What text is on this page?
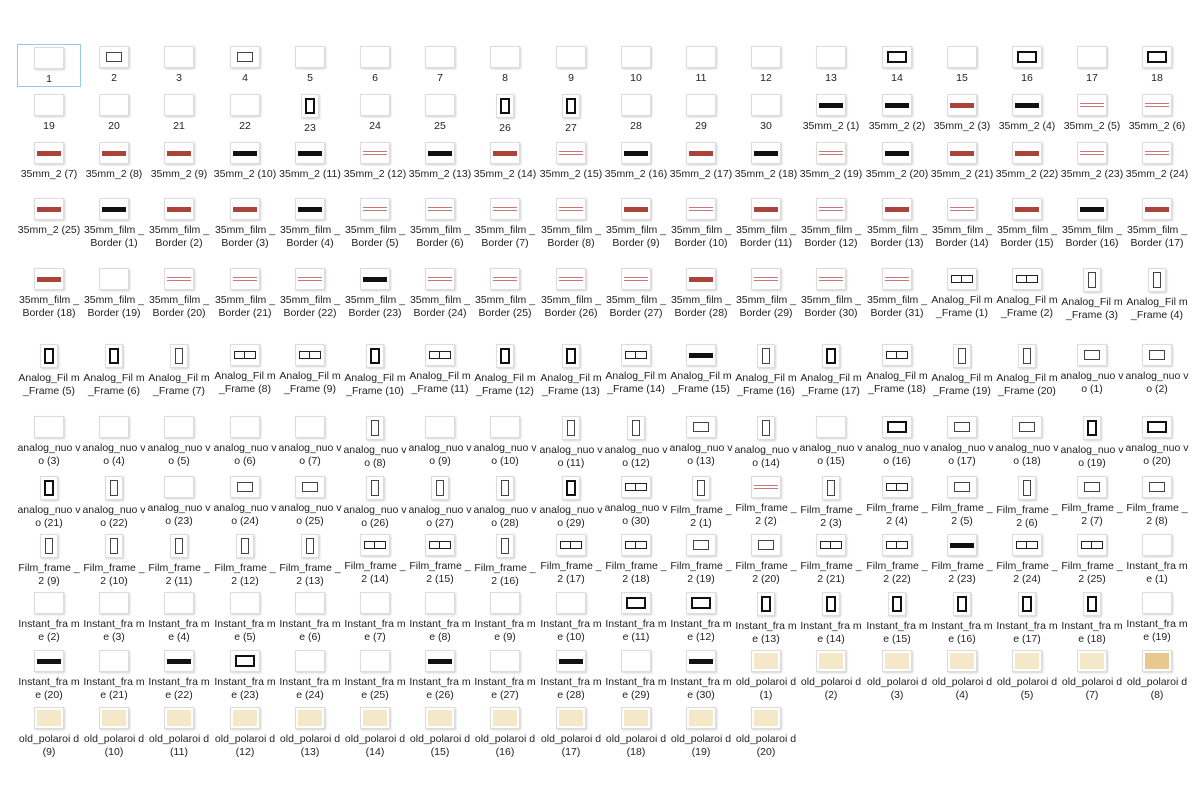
1	2	3	4	5	6	7	8	9	10	11	12	13	14	15	16	17	18
19	20	21	22	23	24	25	26	27	28	29	30	35mm_2 (1) 35mm_2 (2) 35mm_2 (3) 35mm_2 (4) 35mm_2 (5) 35mm_2 (6)
35mm_2 (7) 35mm_2 (8) 35mm_2 (9) 35mm_2 (10) 35mm_2 (11) 35mm_2 (12) 35mm_2 (13) 35mm_2 (14) 35mm_2 (15) 35mm_2 (16) 35mm_2 (17) 35mm_2 (18) 35mm_2 (19) 35mm_2 (20) 35mm_2 (21) 35mm_2 (22) 35mm_2 (23) 35mm_2 (24)
35mm_2 (25) 35mm_film _Border (1)
35mm_film _Border (2)
35mm_film _Border (3)
35mm_film _Border (4)
35mm_film _Border (5)
35mm_film _Border (6)
35mm_film _Border (7)
35mm_film _Border (8)
35mm_film _Border (9)
35mm_film _Border (10)
35mm_film _Border (11)
35mm_film _Border (12)
35mm_film _Border (13)
35mm_film _Border (14)
35mm_film _Border (15)
35mm_film _Border (16)
35mm_film _Border (17)
35mm_film _Border (18)
35mm_film _Border (19)
35mm_film _Border (20)
35mm_film _Border (21)
35mm_film _Border (22)
35mm_film _Border (23)
35mm_film _Border (24)
35mm_film _Border (25)
35mm_film _Border (26)
35mm_film _Border (27)
35mm_film _Border (28)
35mm_film _Border (29)
35mm_film _Border (30)
35mm_film _Border (31)
Analog_Fil m_Frame (1)
Analog_Fil m_Frame (2)
Analog_Fil m_Frame (3)
Analog_Fil m_Frame (4)
Analog_Fil m_Frame (5)
Analog_Fil m_Frame (6)
Analog_Fil m_Frame (7)
Analog_Fil m_Frame (8)
Analog_Fil m_Frame (9)
Analog_Fil m_Frame (10)
Analog_Fil m_Frame (11)
Analog_Fil m_Frame (12)
Analog_Fil m_Frame (13)
Analog_Fil m_Frame (14)
Analog_Fil m_Frame (15)
Analog_Fil m_Frame (16)
Analog_Fil m_Frame (17)
Analog_Fil m_Frame (18)
Analog_Fil m_Frame (19)
Analog_Fil m_Frame (20)
analog_nuo vo (1)
analog_nuo vo (2)
analog_nuo vo (3)
analog_nuo vo (4)
analog_nuo vo (5)
analog_nuo vo (6)
analog_nuo vo (7)
analog_nuo vo (8)
analog_nuo vo (9)
analog_nuo vo (10)
analog_nuo vo (11)
analog_nuo vo (12)
analog_nuo vo (13)
analog_nuo vo (14)
analog_nuo vo (15)
analog_nuo vo (16)
analog_nuo vo (17)
analog_nuo vo (18)
analog_nuo vo (19)
analog_nuo vo (20)
analog_nuo vo (21)
analog_nuo vo (22)
analog_nuo vo (23)
analog_nuo vo (24)
analog_nuo vo (25)
analog_nuo vo (26)
analog_nuo vo (27)
analog_nuo vo (28)
analog_nuo vo (29)
analog_nuo vo (30)
Film_frame _2 (1)
Film_frame _2 (2)
Film_frame _2 (3)
Film_frame _2 (4)
Film_frame _2 (5)
Film_frame _2 (6)
Film_frame _2 (7)
Film_frame _2 (8)
Film_frame _2 (9)
Film_frame _2 (10)
Film_frame _2 (11)
Film_frame _2 (12)
Film_frame _2 (13)
Film_frame _2 (14)
Film_frame _2 (15)
Film_frame _2 (16)
Film_frame _2 (17)
Film_frame _2 (18)
Film_frame _2 (19)
Film_frame _2 (20)
Film_frame _2 (21)
Film_frame _2 (22)
Film_frame _2 (23)
Film_frame _2 (24)
Film_frame _2 (25)
Instant_fra me (1)
Instant_fra me (2)
Instant_fra me (3)
Instant_fra me (4)
Instant_fra me (5)
Instant_fra me (6)
Instant_fra me (7)
Instant_fra me (8)
Instant_fra me (9)
Instant_fra me (10)
Instant_fra me (11)
Instant_fra me (12)
Instant_fra me (13)
Instant_fra me (14)
Instant_fra me (15)
Instant_fra me (16)
Instant_fra me (17)
Instant_fra me (18)
Instant_fra me (19)
Instant_fra me (20)
Instant_fra me (21)
Instant_fra me (22)
Instant_fra me (23)
Instant_fra me (24)
Instant_fra me (25)
Instant_fra me (26)
Instant_fra me (27)
Instant_fra me (28)
Instant_fra me (29)
Instant_fra me (30)
old_polaroi d (1)
old_polaroi d (2)
old_polaroi d (3)
old_polaroi d (4)
old_polaroi d (5)
old_polaroi d (7)
old_polaroi d (8)
old_polaroi d (9)
old_polaroi d (10)
old_polaroi d (11)
old_polaroi d (12)
old_polaroi d (13)
old_polaroi d (14)
old_polaroi d (15)
old_polaroi d (16)
old_polaroi d (17)
old_polaroi d (18)
old_polaroi d (19)
old_polaroi d (20)
